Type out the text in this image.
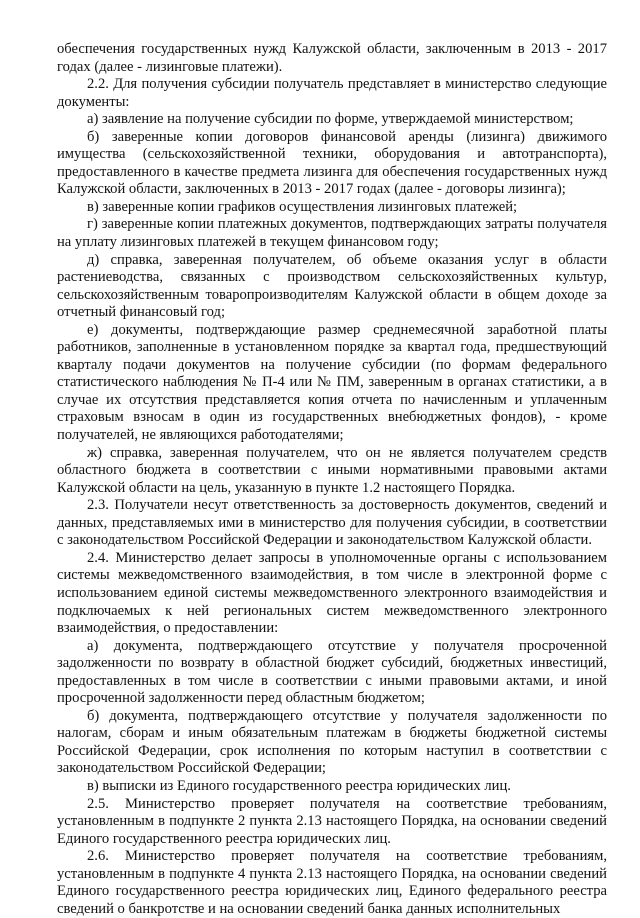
обеспечения государственных нужд Калужской области, заключенным в 2013 - 2017 годах (далее - лизинговые платежи).

2.2. Для получения субсидии получатель представляет в министерство следующие документы:

а) заявление на получение субсидии по форме, утверждаемой министерством;

б) заверенные копии договоров финансовой аренды (лизинга) движимого имущества (сельскохозяйственной техники, оборудования и автотранспорта), предоставленного в качестве предмета лизинга для обеспечения государственных нужд Калужской области, заключенных в 2013 - 2017 годах (далее - договоры лизинга);

в) заверенные копии графиков осуществления лизинговых платежей;

г) заверенные копии платежных документов, подтверждающих затраты получателя на уплату лизинговых платежей в текущем финансовом году;

д) справка, заверенная получателем, об объеме оказания услуг в области растениеводства, связанных с производством сельскохозяйственных культур, сельскохозяйственным товаропроизводителям Калужской области в общем доходе за отчетный финансовый год;

е) документы, подтверждающие размер среднемесячной заработной платы работников, заполненные в установленном порядке за квартал года, предшествующий кварталу подачи документов на получение субсидии (по формам федерального статистического наблюдения № П-4 или № ПМ, заверенным в органах статистики, а в случае их отсутствия представляется копия отчета по начисленным и уплаченным страховым взносам в один из государственных внебюджетных фондов), - кроме получателей, не являющихся работодателями;

ж) справка, заверенная получателем, что он не является получателем средств областного бюджета в соответствии с иными нормативными правовыми актами Калужской области на цель, указанную в пункте 1.2 настоящего Порядка.

2.3. Получатели несут ответственность за достоверность документов, сведений и данных, представляемых ими в министерство для получения субсидии, в соответствии с законодательством Российской Федерации и законодательством Калужской области.

2.4. Министерство делает запросы в уполномоченные органы с использованием системы межведомственного взаимодействия, в том числе в электронной форме с использованием единой системы межведомственного электронного взаимодействия и подключаемых к ней региональных систем межведомственного электронного взаимодействия, о предоставлении:

а) документа, подтверждающего отсутствие у получателя просроченной задолженности по возврату в областной бюджет субсидий, бюджетных инвестиций, предоставленных в том числе в соответствии с иными правовыми актами, и иной просроченной задолженности перед областным бюджетом;

б) документа, подтверждающего отсутствие у получателя задолженности по налогам, сборам и иным обязательным платежам в бюджеты бюджетной системы Российской Федерации, срок исполнения по которым наступил в соответствии с законодательством Российской Федерации;

в) выписки из Единого государственного реестра юридических лиц.

2.5. Министерство проверяет получателя на соответствие требованиям, установленным в подпункте 2 пункта 2.13 настоящего Порядка, на основании сведений Единого государственного реестра юридических лиц.

2.6. Министерство проверяет получателя на соответствие требованиям, установленным в подпункте 4 пункта 2.13 настоящего Порядка, на основании сведений Единого государственного реестра юридических лиц, Единого федерального реестра сведений о банкротстве и на основании сведений банка данных исполнительных
